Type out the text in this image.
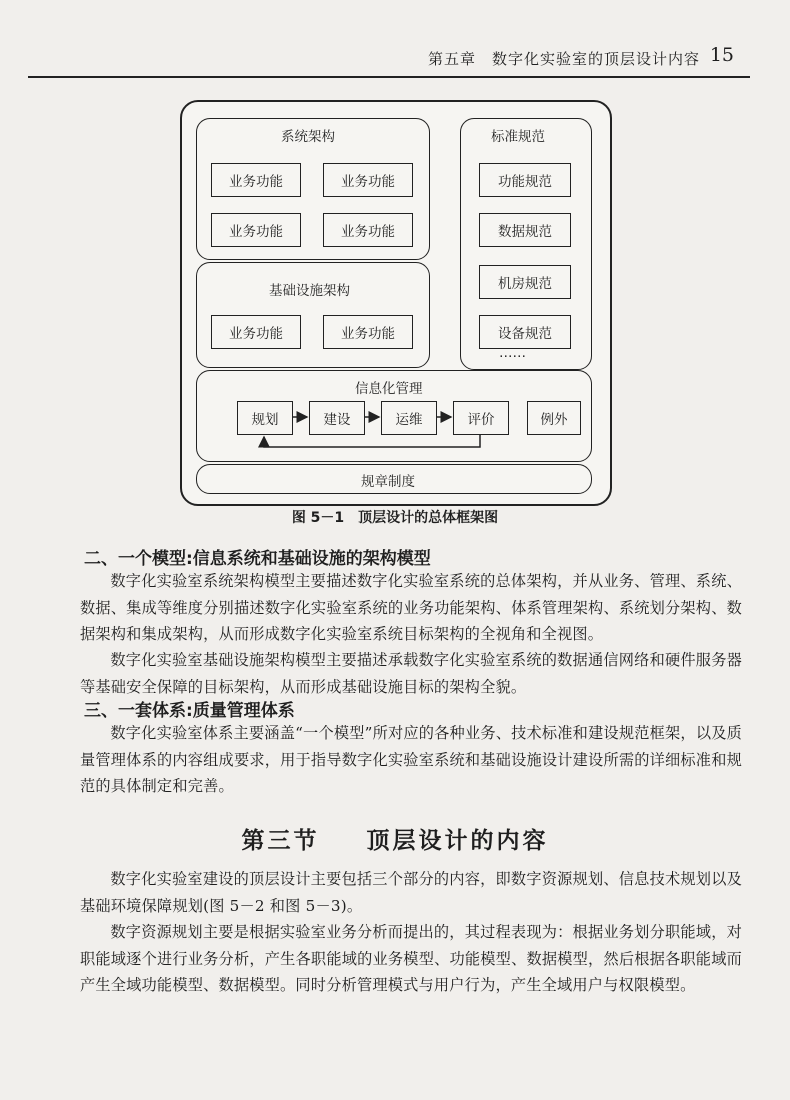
第五章　数字化实验室的顶层设计内容 15
系统架构
业务功能	业务功能
业务功能	业务功能
标准规范
功能规范
数据规范
机房规范
设备规范
……
基础设施架构
业务功能	业务功能
信息化管理
规划	建设	运维	评价	例外
规章制度
图 5－1　顶层设计的总体框架图
二、一个模型:信息系统和基础设施的架构模型
数字化实验室系统架构模型主要描述数字化实验室系统的总体架构，并从业务、管理、系统、数据、集成等维度分别描述数字化实验室系统的业务功能架构、体系管理架构、系统划分架构、数据架构和集成架构，从而形成数字化实验室系统目标架构的全视角和全视图。
数字化实验室基础设施架构模型主要描述承载数字化实验室系统的数据通信网络和硬件服务器等基础安全保障的目标架构，从而形成基础设施目标的架构全貌。
三、一套体系:质量管理体系
数字化实验室体系主要涵盖“一个模型”所对应的各种业务、技术标准和建设规范框架，以及质量管理体系的内容组成要求，用于指导数字化实验室系统和基础设施设计建设所需的详细标准和规范的具体制定和完善。
第三节 顶层设计的内容
数字化实验室建设的顶层设计主要包括三个部分的内容，即数字资源规划、信息技术规划以及基础环境保障规划(图 5－2 和图 5－3)。
数字资源规划主要是根据实验室业务分析而提出的，其过程表现为：根据业务划分职能域，对职能域逐个进行业务分析，产生各职能域的业务模型、功能模型、数据模型，然后根据各职能域而产生全域功能模型、数据模型。同时分析管理模式与用户行为，产生全域用户与权限模型。
